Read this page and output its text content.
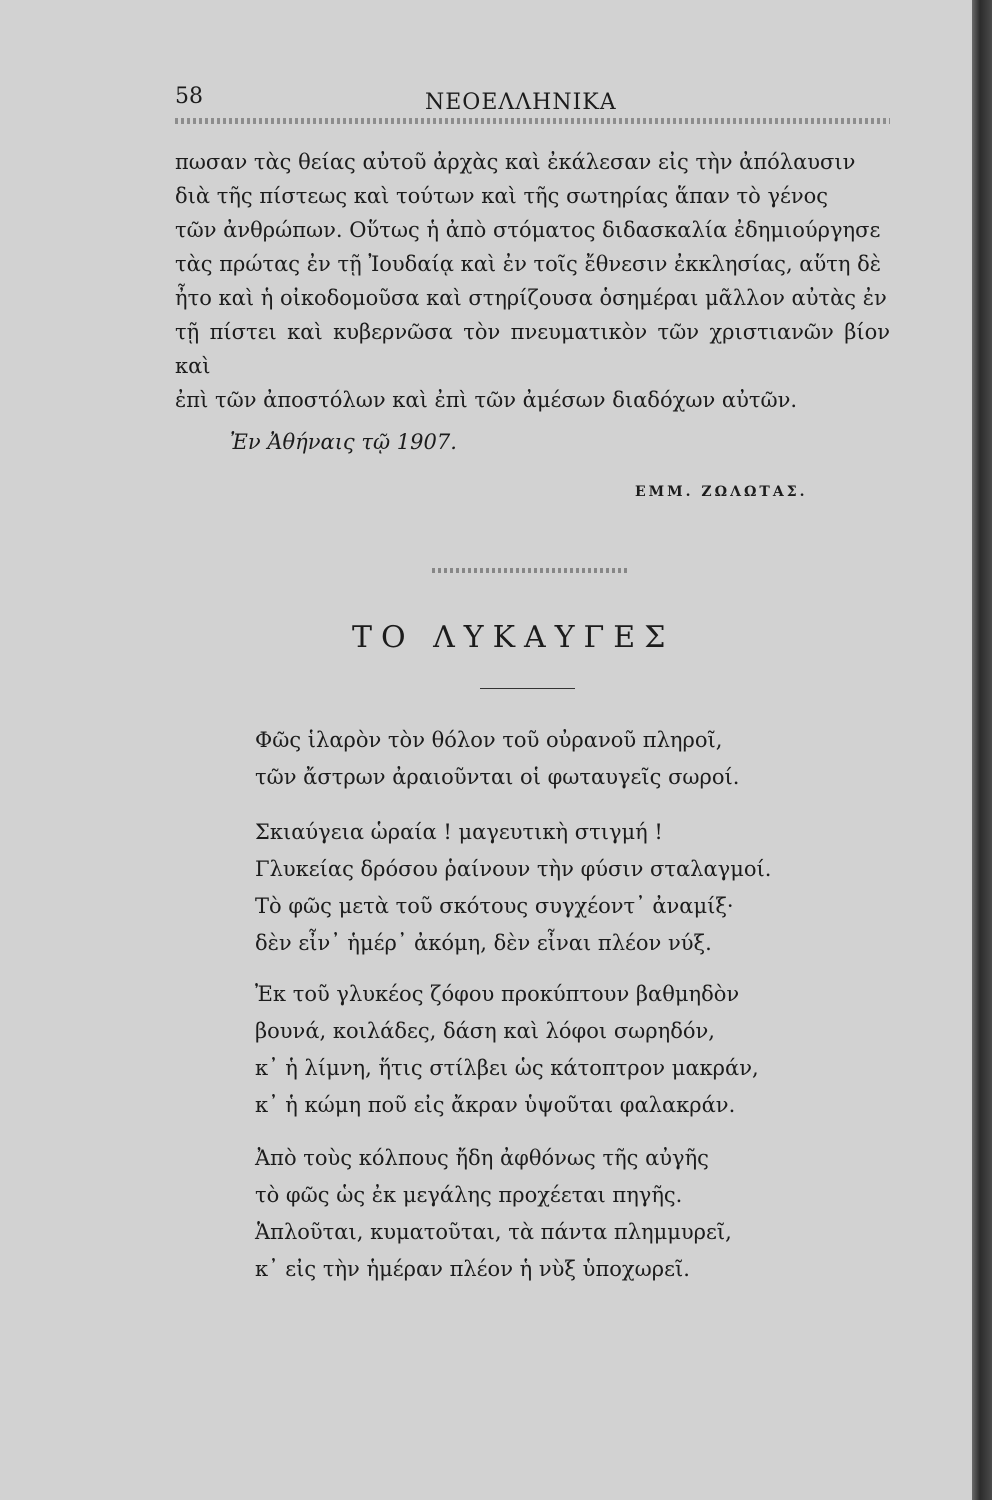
58	ΝΕΟΕΛΛΗΝΙΚΑ

πωσαν τὰς θείας αὐτοῦ ἀρχὰς καὶ ἐκάλεσαν εἰς τὴν ἀπόλαυσιν

διὰ τῆς πίστεως καὶ τούτων καὶ τῆς σωτηρίας ἅπαν τὸ γένος

τῶν ἀνθρώπων. Οὕτως ἡ ἀπὸ στόματος διδασκαλία ἐδημιούργησε

τὰς πρώτας ἐν τῇ Ἰουδαίᾳ καὶ ἐν τοῖς ἔθνεσιν ἐκκλησίας, αὕτη δὲ

ἦτο καὶ ἡ οἰκοδομοῦσα καὶ στηρίζουσα ὁσημέραι μᾶλλον αὐτὰς ἐν

τῇ πίστει καὶ κυβερνῶσα τὸν πνευματικὸν τῶν χριστιανῶν βίον καὶ

ἐπὶ τῶν ἀποστόλων καὶ ἐπὶ τῶν ἀμέσων διαδόχων αὐτῶν.

Ἐν Ἀθήναις τῷ 1907.
ΕΜΜ. ΖΩΛΩΤΑΣ.
ΤΟ ΛΥΚΑΥΓΕΣ
Φῶς ἱλαρὸν τὸν θόλον τοῦ οὐρανοῦ πληροῖ,
τῶν ἄστρων ἀραιοῦνται οἱ φωταυγεῖς σωροί.
Σκιαύγεια ὡραία ! μαγευτικὴ στιγμή !
Γλυκείας δρόσου ῥαίνουν τὴν φύσιν σταλαγμοί.
Τὸ φῶς μετὰ τοῦ σκότους συγχέοντ᾽ ἀναμίξ·
δὲν εἶν᾽ ἡμέρ᾽ ἀκόμη, δὲν εἶναι πλέον νύξ.
Ἐκ τοῦ γλυκέος ζόφου προκύπτουν βαθμηδὸν
βουνά, κοιλάδες, δάση καὶ λόφοι σωρηδόν,
κ᾽ ἡ λίμνη, ἥτις στίλβει ὡς κάτοπτρον μακράν,
κ᾽ ἡ κώμη ποῦ εἰς ἄκραν ὑψοῦται φαλακράν.
Ἀπὸ τοὺς κόλπους ἤδη ἀφθόνως τῆς αὐγῆς
τὸ φῶς ὡς ἐκ μεγάλης προχέεται πηγῆς.
Ἁπλοῦται, κυματοῦται, τὰ πάντα πλημμυρεῖ,
κ᾽ εἰς τὴν ἡμέραν πλέον ἡ νὺξ ὑποχωρεῖ.
